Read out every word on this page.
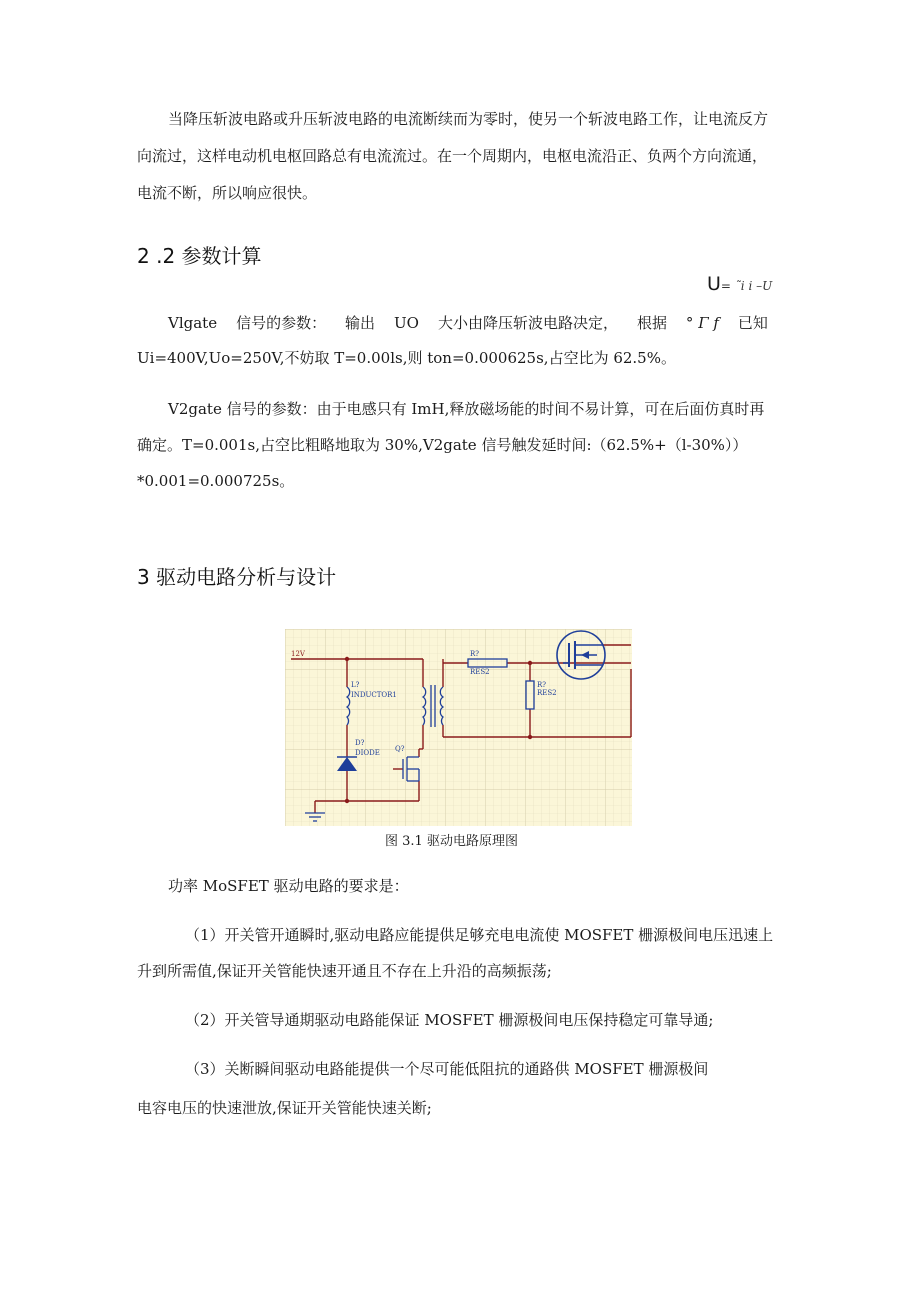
当降压斩波电路或升压斩波电路的电流断续而为零时，使另一个斩波电路工作，让电流反方
向流过，这样电动机电枢回路总有电流流过。在一个周期内，电枢电流沿正、负两个方向流通，
电流不断，所以响应很快。
2 .2 参数计算
U= ˜i i –U
Vlgate 信号的参数： 输出 UO 大小由降压斩波电路决定， 根据 ° Γ f 已知
Ui=400V,Uo=250V,不妨取 T=0.00ls,则 ton=0.000625s,占空比为 62.5%。
V2gate 信号的参数：由于电感只有 ImH,释放磁场能的时间不易计算，可在后面仿真时再
确定。T=0.001s,占空比粗略地取为 30%,V2gate 信号触发延时间:（62.5%+（l-30%））
*0.001=0.000725s。
3 驱动电路分析与设计
12V
L?
INDUCTOR1
D?
DIODE Q?
R?
RES2
R?
RES2
图 3.1 驱动电路原理图
功率 MoSFET 驱动电路的要求是：
（1）开关管开通瞬时,驱动电路应能提供足够充电电流使 MOSFET 栅源极间电压迅速上
升到所需值,保证开关管能快速开通且不存在上升沿的高频振荡;
（2）开关管导通期驱动电路能保证 MOSFET 栅源极间电压保持稳定可靠导通;
（3）关断瞬间驱动电路能提供一个尽可能低阻抗的通路供 MOSFET 栅源极间
电容电压的快速泄放,保证开关管能快速关断;
